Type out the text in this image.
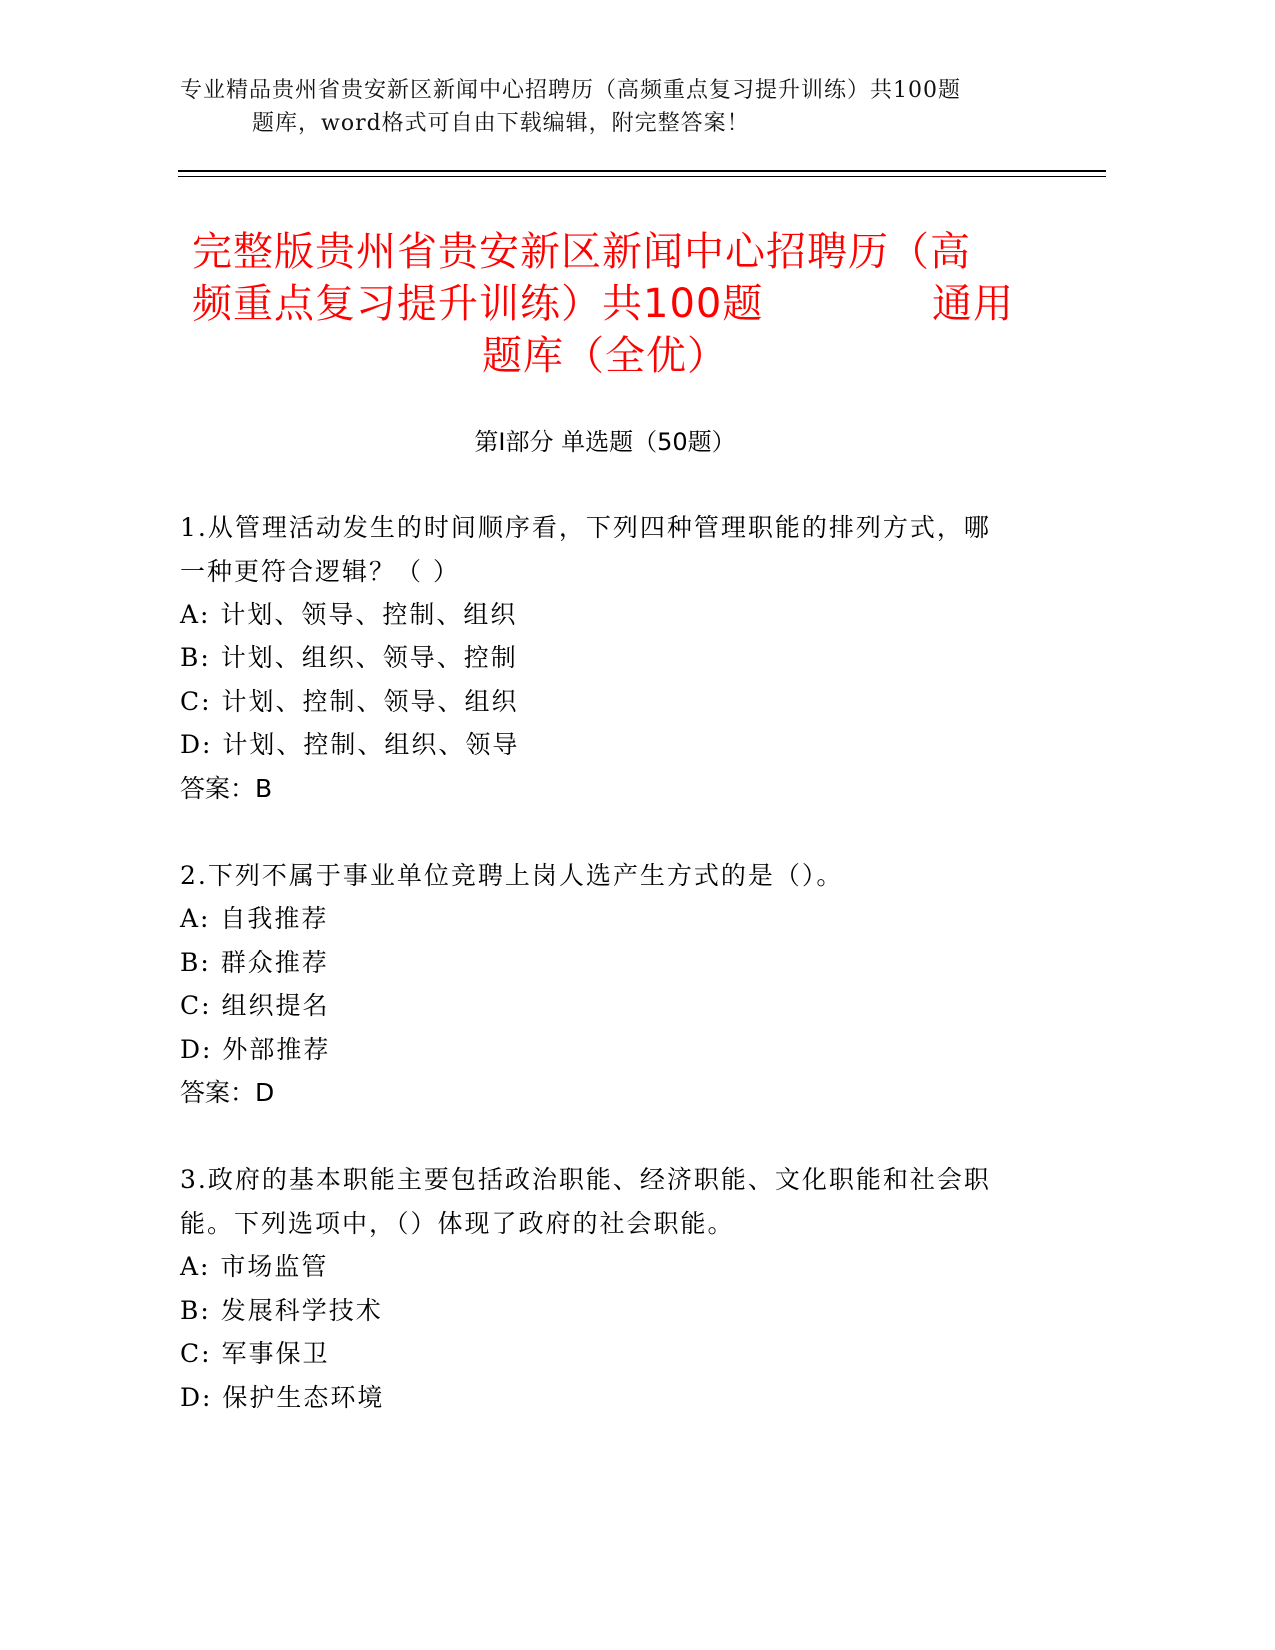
专业精品贵州省贵安新区新闻中心招聘历（高频重点复习提升训练）共100题
题库，word格式可自由下载编辑，附完整答案！
完整版贵州省贵安新区新闻中心招聘历（高
频重点复习提升训练）共100题	通用
题库（全优）
第Ⅰ部分 单选题（50题）
1.从管理活动发生的时间顺序看，下列四种管理职能的排列方式，哪
一种更符合逻辑？（ ）
A: 计划、领导、控制、组织
B: 计划、组织、领导、控制
C: 计划、控制、领导、组织
D: 计划、控制、组织、领导
答案：B
2.下列不属于事业单位竞聘上岗人选产生方式的是（）。
A: 自我推荐
B: 群众推荐
C: 组织提名
D: 外部推荐
答案：D
3.政府的基本职能主要包括政治职能、经济职能、文化职能和社会职
能。下列选项中，（）体现了政府的社会职能。
A: 市场监管
B: 发展科学技术
C: 军事保卫
D: 保护生态环境
